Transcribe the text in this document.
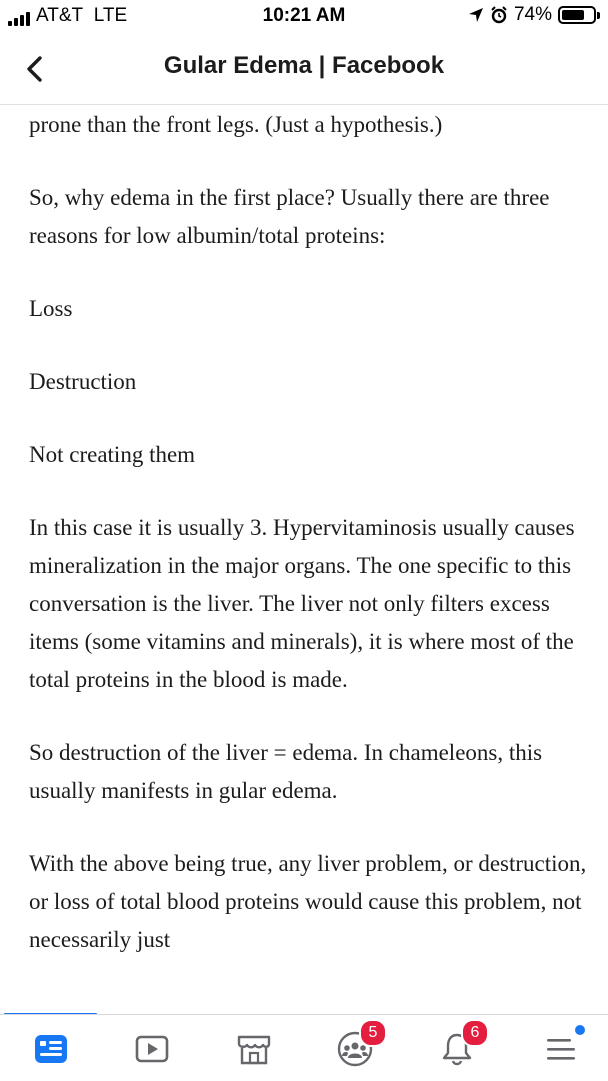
AT&T LTE	10:21 AM	74%
Gular Edema | Facebook

prone than the front legs. (Just a hypothesis.)

So, why edema in the first place? Usually there are three reasons for low albumin/total proteins:

Loss

Destruction

Not creating them

In this case it is usually 3. Hypervitaminosis usually causes mineralization in the major organs. The one specific to this conversation is the liver. The liver not only filters excess items (some vitamins and minerals), it is where most of the total proteins in the blood is made.

So destruction of the liver = edema. In chameleons, this usually manifests in gular edema.

With the above being true, any liver problem, or destruction, or loss of total blood proteins would cause this problem, not necessarily just

5	6
